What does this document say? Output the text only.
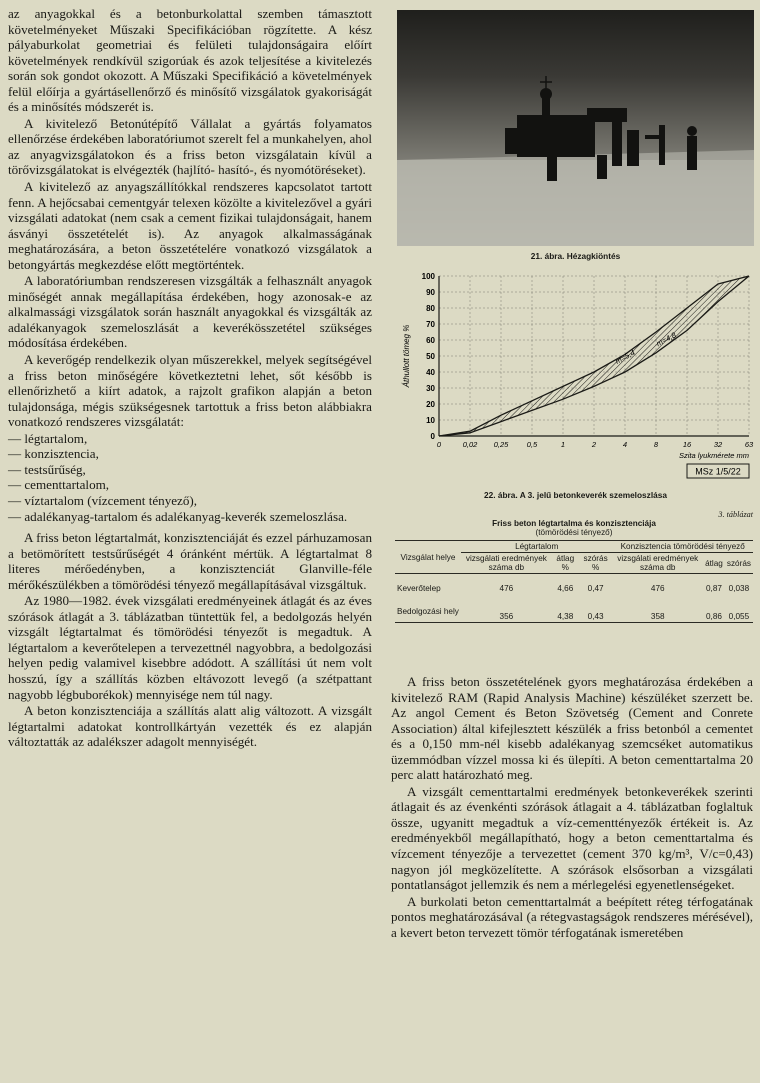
az anyagokkal és a betonburkolattal szemben támasztott követelményeket Műszaki Specifikációban rögzítette. A kész pályaburkolat geometriai és felületi tulajdonságaira előírt követelmények rendkívül szigorúak és azok teljesítése a kivitelezés során sok gondot okozott. A Műszaki Specifikáció a követelmények felül előírja a gyártásellenőrző és minősítő vizsgálatok gyakoriságát és a minősítés módszerét is.

A kivitelező Betonútépítő Vállalat a gyártás folyamatos ellenőrzése érdekében laboratóriumot szerelt fel a munkahelyen, ahol az anyagvizsgálatokon és a friss beton vizsgálatain kívül a törővizsgálatokat is elvégezték (hajlító- hasító-, és nyomótöréseket).

A kivitelező az anyagszállítókkal rendszeres kapcsolatot tartott fenn. A hejőcsabai cementgyár telexen közölte a kivitelezővel a gyári vizsgálati adatokat (nem csak a cement fizikai tulajdonságait, hanem ásványi összetételét is). Az anyagok alkalmasságának meghatározására, a beton összetételére vonatkozó vizsgálatok a betongyártás megkezdése előtt megtörténtek.

A laboratóriumban rendszeresen vizsgálták a felhasznált anyagok minőségét annak megállapítása érdekében, hogy azonosak-e az alkalmassági vizsgálatok során használt anyagokkal és vizsgálták az adalékanyagok szemeloszlását a keverékösszetétel szükséges módosítása érdekében.

A keverőgép rendelkezik olyan műszerekkel, melyek segítségével a friss beton minőségére következtetni lehet, sőt később is ellenőrizhető a kiírt adatok, a rajzolt grafikon alapján a beton tulajdonsága, mégis szükségesnek tartottuk a friss beton alábbiakra vonatkozó rendszeres vizsgálatát:

— légtartalom,
— konzisztencia,
— testsűrűség,
— cementtartalom,
— víztartalom (vízcement tényező),
— adalékanyag-tartalom és adalékanyag-keverék szemeloszlása.

A friss beton légtartalmát, konzisztenciáját és ezzel párhuzamosan a betömörített testsűrűségét 4 óránként mértük. A légtartalmat 8 literes mérőedényben, a konzisztenciát Glanville-féle mérőkészülékben a tömörödési tényező megállapításával vizsgáltuk.

Az 1980—1982. évek vizsgálati eredményeinek átlagát és az éves szórások átlagát a 3. táblázatban tüntettük fel, a bedolgozás helyén vizsgált légtartalmat és tömörödési tényezőt is megadtuk. A légtartalom a keverőtelepen a tervezettnél nagyobbra, a bedolgozási helyen pedig valamivel kisebbre adódott. A szállítási út nem volt hosszú, így a szállítás közben eltávozott levegő (a szétpattant nagyobb légbuborékok) mennyisége nem túl nagy.

A beton konzisztenciája a szállítás alatt alig változott. A vizsgált légtartalmi adatokat kontrollkártyán vezették és ez alapján változtatták az adalékszer adagolt mennyiségét.

21. ábra. Hézagkiöntés
0
10
20
30
40
50
60
70
80
90
100
0	0,02 0,25 0,5	1	2	4	8	16	32	63
m=5,4
m=4,8
Áthullott tömeg %
Szita lyukmérete mm
MSz 1/5/22
22. ábra. A 3. jelű betonkeverék szemeloszlása
3. táblázat
Friss beton légtartalma és konzisztenciája
(tömörödési tényező)
Vizsgálat helye	Légtartalom			Konzisztencia tömörödési tényező		
	vizsgálati eredmények száma db	átlag %	szórás %	vizsgálati eredmények száma db	átlag	szórás
Keverőtelep	476	4,66	0,47	476	0,87	0,038
Bedolgozási hely	356	4,38	0,43	358	0,86	0,055

A friss beton összetételének gyors meghatározása érdekében a kivitelező RAM (Rapid Analysis Machine) készüléket szerzett be. Az angol Cement és Beton Szövetség (Cement and Conrete Association) által kifejlesztett készülék a friss betonból a cementet és a 0,150 mm-nél kisebb adalékanyag szemcséket automatikus üzemmódban vízzel mossa ki és ülepíti. A beton cementtartalma 20 perc alatt határozható meg.

A vizsgált cementtartalmi eredmények betonkeverékek szerinti átlagait és az évenkénti szórások átlagait a 4. táblázatban foglaltuk össze, ugyanitt megadtuk a víz-cementtényezők értékeit is. Az eredményekből megállapítható, hogy a beton cementtartalma és vízcement tényezője a tervezettet (cement 370 kg/m³, V/c=0,43) nagyon jól megközelítette. A szórások elsősorban a vizsgálati pontatlanságot jellemzik és nem a mérlegelési egyenetlenségeket.

A burkolati beton cementtartalmát a beépített réteg térfogatának pontos meghatározásával (a rétegvastagságok rendszeres mérésével), a kevert beton tervezett tömör térfogatának ismeretében
